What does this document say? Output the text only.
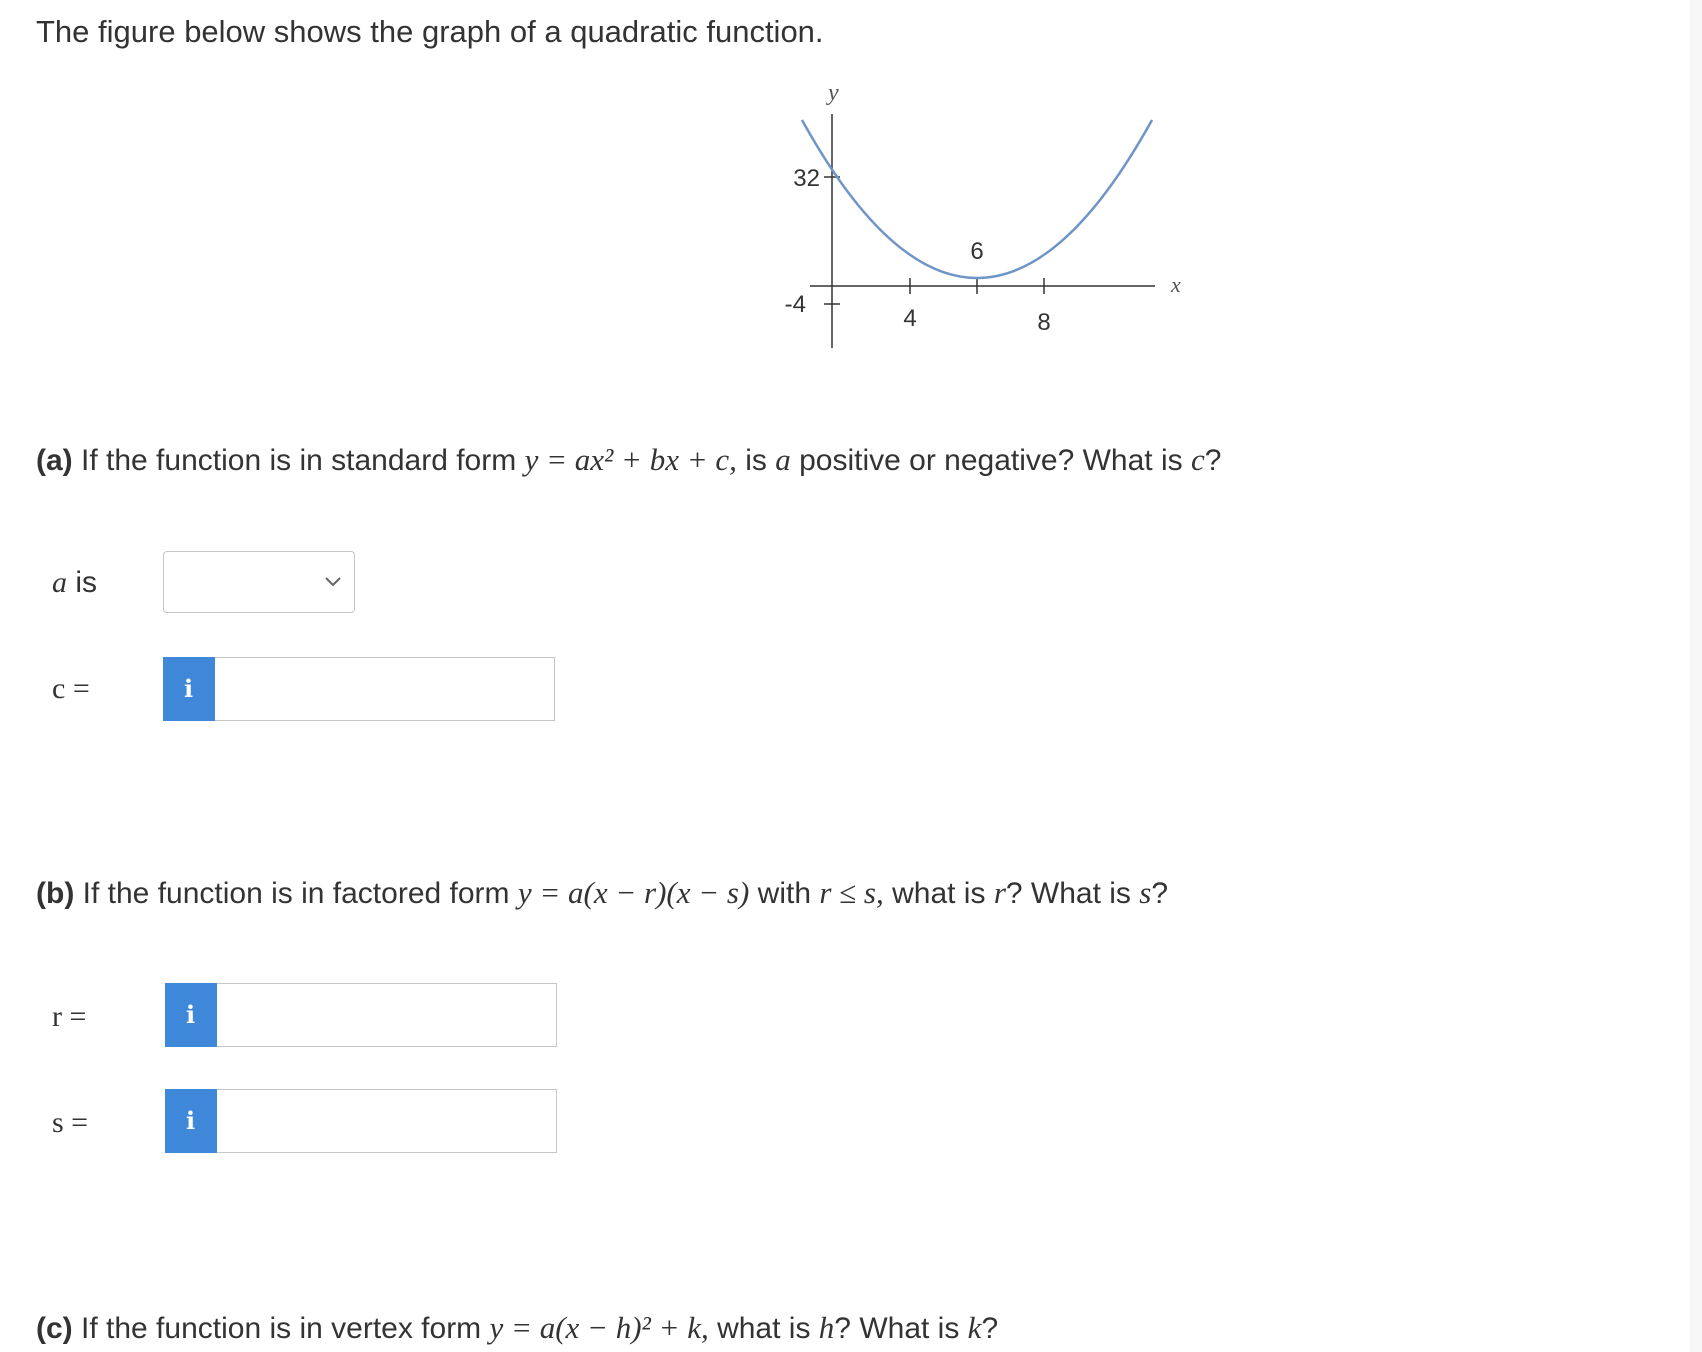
The figure below shows the graph of a quadratic function.
y
x
32
-4
4
6
8
(a) If the function is in standard form y = ax² + bx + c, is a positive or negative? What is c?
a is
c =	i
(b) If the function is in factored form y = a(x − r)(x − s) with r ≤ s, what is r? What is s?
r =	i
s =	i
(c) If the function is in vertex form y = a(x − h)² + k, what is h? What is k?
